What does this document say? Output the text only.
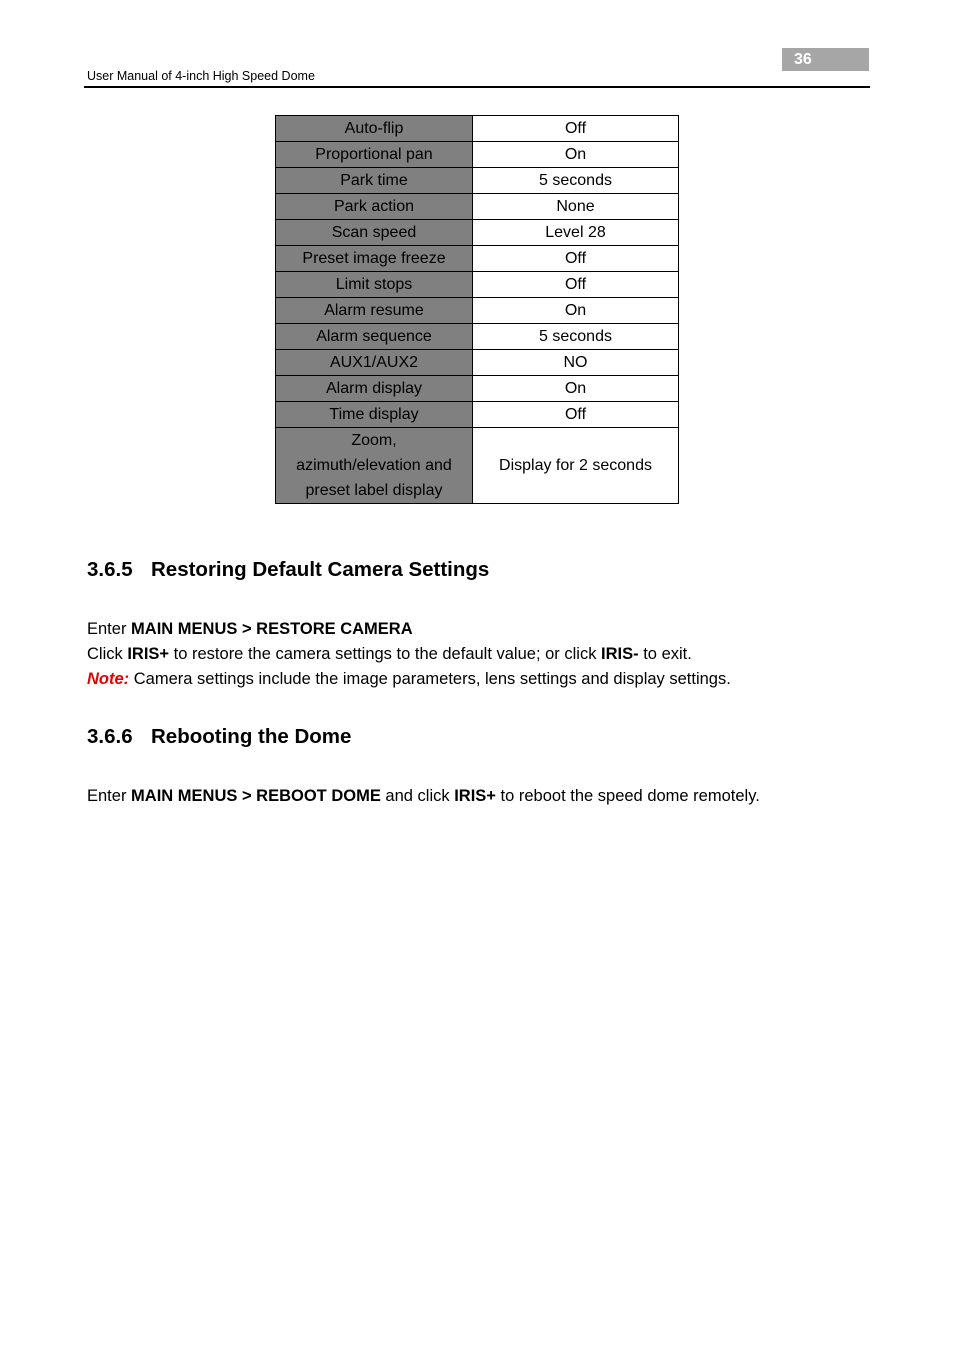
36
User Manual of 4-inch High Speed Dome
Auto-flip	Off
Proportional pan	On
Park time	5 seconds
Park action	None
Scan speed	Level 28
Preset image freeze	Off
Limit stops	Off
Alarm resume	On
Alarm sequence	5 seconds
AUX1/AUX2	NO
Alarm display	On
Time display	Off

Zoom,
azimuth/elevation and
preset label display	Display for 2 seconds
3.6.5 Restoring Default Camera Settings
Enter MAIN MENUS > RESTORE CAMERA
Click IRIS+ to restore the camera settings to the default value; or click IRIS- to exit.
Note: Camera settings include the image parameters, lens settings and display settings.
3.6.6 Rebooting the Dome
Enter MAIN MENUS > REBOOT DOME and click IRIS+ to reboot the speed dome remotely.
